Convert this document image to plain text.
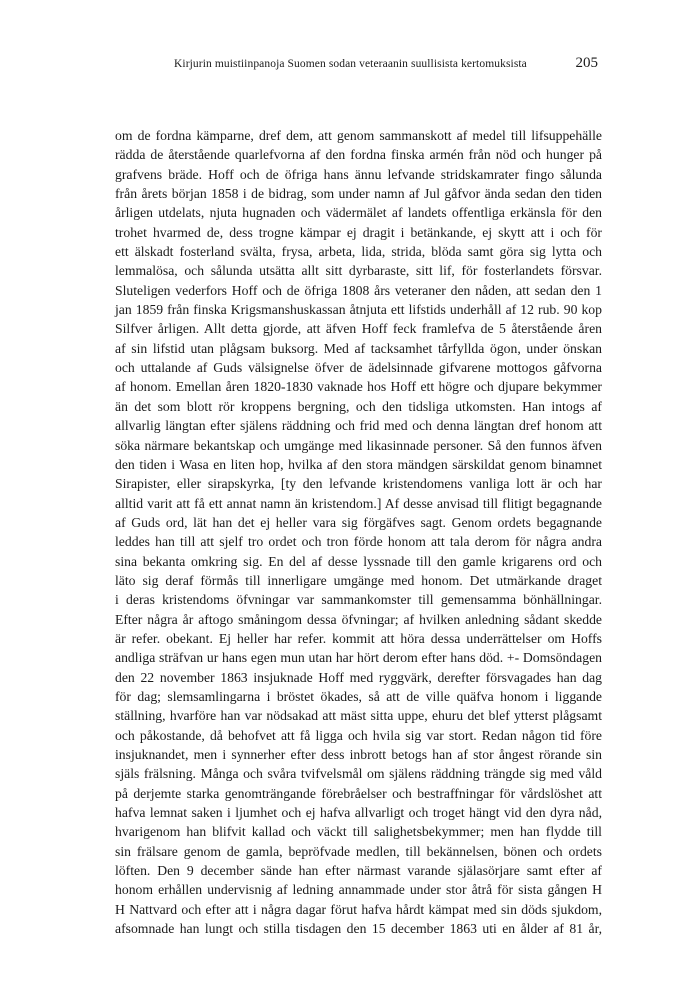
Kirjurin muistiinpanoja Suomen sodan veteraanin suullisista kertomuksista	205
om de fordna kämparne, dref dem, att genom sammanskott af medel till lifsuppehälle
rädda de återstående quarlefvorna af den fordna finska armén från nöd och hunger på
grafvens bräde. Hoff och de öfriga hans ännu lefvande stridskamrater fingo sålunda
från årets början 1858 i de bidrag, som under namn af Jul gåfvor ända sedan den tiden
årligen utdelats, njuta hugnaden och vädermälet af landets offentliga erkänsla för den
trohet hvarmed de, dess trogne kämpar ej dragit i betänkande, ej skytt att i och för
ett älskadt fosterland svälta, frysa, arbeta, lida, strida, blöda samt göra sig lytta och
lemmalösa, och sålunda utsätta allt sitt dyrbaraste, sitt lif, för fosterlandets försvar.
Sluteligen vederfors Hoff och de öfriga 1808 års veteraner den nåden, att sedan den 1
jan 1859 från finska Krigsmanshuskassan åtnjuta ett lifstids underhåll af 12 rub. 90 kop
Silfver årligen. Allt detta gjorde, att äfven Hoff feck framlefva de 5 återstående åren
af sin lifstid utan plågsam buksorg. Med af tacksamhet tårfyllda ögon, under önskan
och uttalande af Guds välsignelse öfver de ädelsinnade gifvarene mottogos gåfvorna
af honom. Emellan åren 1820-1830 vaknade hos Hoff ett högre och djupare bekymmer
än det som blott rör kroppens bergning, och den tidsliga utkomsten. Han intogs af
allvarlig längtan efter själens räddning och frid med och denna längtan dref honom att
söka närmare bekantskap och umgänge med likasinnade personer. Så den funnos äfven
den tiden i Wasa en liten hop, hvilka af den stora mändgen särskildat genom binamnet
Sirapister, eller sirapskyrka, [ty den lefvande kristendomens vanliga lott är och har
alltid varit att få ett annat namn än kristendom.] Af desse anvisad till flitigt begagnande
af Guds ord, lät han det ej heller vara sig förgäfves sagt. Genom ordets begagnande
leddes han till att sjelf tro ordet och tron förde honom att tala derom för några andra
sina bekanta omkring sig. En del af desse lyssnade till den gamle krigarens ord och
läto sig deraf förmås till innerligare umgänge med honom. Det utmärkande draget
i deras kristendoms öfvningar var sammankomster till gemensamma bönhällningar.
Efter några år aftogo småningom dessa öfvningar; af hvilken anledning sådant skedde
är refer. obekant. Ej heller har refer. kommit att höra dessa underrättelser om Hoffs
andliga sträfvan ur hans egen mun utan har hört derom efter hans död. +- Domsöndagen
den 22 november 1863 insjuknade Hoff med ryggvärk, derefter försvagades han dag
för dag; slemsamlingarna i bröstet ökades, så att de ville quäfva honom i liggande
ställning, hvarföre han var nödsakad att mäst sitta uppe, ehuru det blef ytterst plågsamt
och påkostande, då behofvet att få ligga och hvila sig var stort. Redan någon tid före
insjuknandet, men i synnerher efter dess inbrott betogs han af stor ångest rörande sin
själs frälsning. Många och svåra tvifvelsmål om själens räddning trängde sig med våld
på derjemte starka genomträngande förebråelser och bestraffningar för vårdslöshet att
hafva lemnat saken i ljumhet och ej hafva allvarligt och troget hängt vid den dyra nåd,
hvarigenom han blifvit kallad och väckt till salighetsbekymmer; men han flydde till
sin frälsare genom de gamla, bepröfvade medlen, till bekännelsen, bönen och ordets
löften. Den 9 december sände han efter närmast varande själasörjare samt efter af
honom erhållen undervisnig af ledning annammade under stor åtrå för sista gången H
H Nattvard och efter att i några dagar förut hafva hårdt kämpat med sin döds sjukdom,
afsomnade han lungt och stilla tisdagen den 15 december 1863 uti en ålder af 81 år,
